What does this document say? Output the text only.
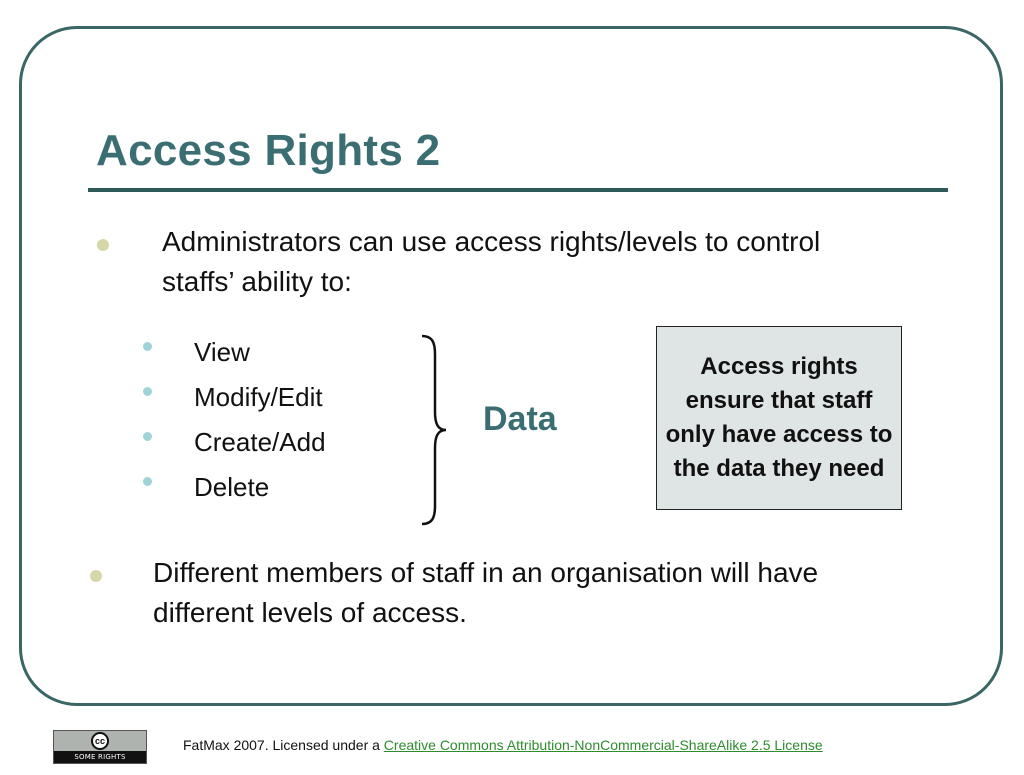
Access Rights 2
Administrators can use access rights/levels to control staffs’ ability to:
View
Modify/Edit
Create/Add
Delete
Data
Access rights ensure that staff only have access to the data they need
Different members of staff in an organisation will have different levels of access.
cc
SOME RIGHTS RESERVED
FatMax 2007. Licensed under a Creative Commons Attribution-NonCommercial-ShareAlike 2.5 License
